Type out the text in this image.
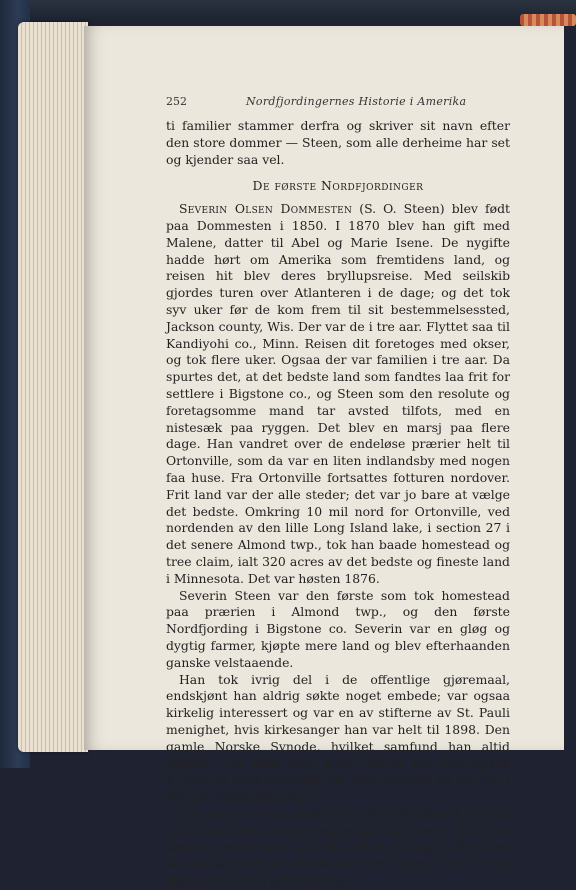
252	Nordfjordingernes Historie i Amerika

ti familier stammer derfra og skriver sit navn efter den store dommer — Steen, som alle derheime har set og kjender saa vel.

De første Nordfjordinger

Severin Olsen Dommesten (S. O. Steen) blev født paa Dommesten i 1850. I 1870 blev han gift med Malene, datter til Abel og Marie Isene. De nygifte hadde hørt om Amerika som fremtidens land, og reisen hit blev deres bryllupsreise. Med seilskib gjordes turen over Atlanteren i de dage; og det tok syv uker før de kom frem til sit bestemmelsessted, Jackson county, Wis. Der var de i tre aar. Flyttet saa til Kandiyohi co., Minn. Reisen dit foretoges med okser, og tok flere uker. Ogsaa der var familien i tre aar. Da spurtes det, at det bedste land som fandtes laa frit for settlere i Bigstone co., og Steen som den resolute og foretagsomme mand tar avsted tilfots, med en nistesæk paa ryggen. Det blev en marsj paa flere dage. Han vandret over de endeløse prærier helt til Ortonville, som da var en liten indlandsby med nogen faa huse. Fra Ortonville fortsattes fotturen nordover. Frit land var der alle steder; det var jo bare at vælge det bedste. Omkring 10 mil nord for Ortonville, ved nordenden av den lille Long Island lake, i section 27 i det senere Almond twp., tok han baade homestead og tree claim, ialt 320 acres av det bedste og fineste land i Minnesota. Det var høsten 1876.

Severin Steen var den første som tok homestead paa prærien i Almond twp., og den første Nordfjording i Bigstone co. Severin var en gløg og dygtig farmer, kjøpte mere land og blev efterhaanden ganske velstaaende.

Han tok ivrig del i de offentlige gjøremaal, endskjønt han aldrig søkte noget embede; var ogsaa kirkelig interessert og var en av stifterne av St. Pauli menighet, hvis kirkesanger han var helt til 1898. Den gamle Norske Synode, hvilket samfund han altid tilhørte, var ham altid kjær; derfor gav han ogsaa $1,000 til dens anstalter, før den opløstes og gik ind i det nye samfund i 1917.

Han var et aktivt medlem av Nordfjordlaget, og var altid paa dets stevner saalænge han levet. Sine tre sønner sendte han alle til Luther College. Olai, den ældste søn, har en 560 acres farm sydøst fra Clinton. Han blev i 1899 gift med Ca-
